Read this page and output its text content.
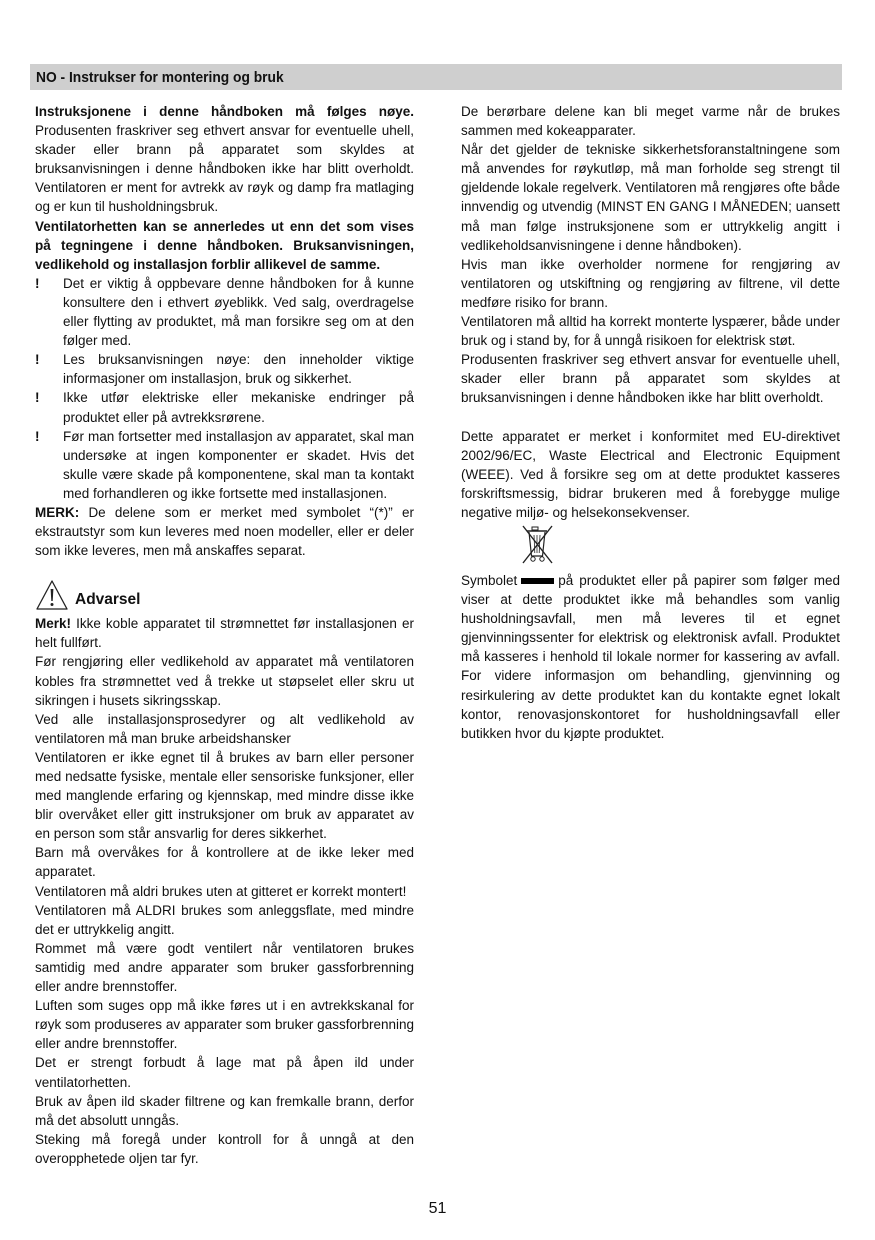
NO - Instrukser for montering og bruk

Instruksjonene i denne håndboken må følges nøye. Produsenten fraskriver seg ethvert ansvar for eventuelle uhell, skader eller brann på apparatet som skyldes at bruksanvisningen i denne håndboken ikke har blitt overholdt. Ventilatoren er ment for avtrekk av røyk og damp fra matlaging og er kun til husholdningsbruk.

Ventilatorhetten kan se annerledes ut enn det som vises på tegningene i denne håndboken. Bruksanvisningen, vedlikehold og installasjon forblir allikevel de samme.

! Det er viktig å oppbevare denne håndboken for å kunne konsultere den i ethvert øyeblikk. Ved salg, overdragelse eller flytting av produktet, må man forsikre seg om at den følger med.
! Les bruksanvisningen nøye: den inneholder viktige informasjoner om installasjon, bruk og sikkerhet.
! Ikke utfør elektriske eller mekaniske endringer på produktet eller på avtrekksrørene.
! Før man fortsetter med installasjon av apparatet, skal man undersøke at ingen komponenter er skadet. Hvis det skulle være skade på komponentene, skal man ta kontakt med forhandleren og ikke fortsette med installasjonen.

MERK: De delene som er merket med symbolet “(*)” er ekstrautstyr som kun leveres med noen modeller, eller er deler som ikke leveres, men må anskaffes separat.

Advarsel

Merk! Ikke koble apparatet til strømnettet før installasjonen er helt fullført.

Før rengjøring eller vedlikehold av apparatet må ventilatoren kobles fra strømnettet ved å trekke ut støpselet eller skru ut sikringen i husets sikringsskap.

Ved alle installasjonsprosedyrer og alt vedlikehold av ventilatoren må man bruke arbeidshansker

Ventilatoren er ikke egnet til å brukes av barn eller personer med nedsatte fysiske, mentale eller sensoriske funksjoner, eller med manglende erfaring og kjennskap, med mindre disse ikke blir overvåket eller gitt instruksjoner om bruk av apparatet av en person som står ansvarlig for deres sikkerhet.

Barn må overvåkes for å kontrollere at de ikke leker med apparatet.

Ventilatoren må aldri brukes uten at gitteret er korrekt montert!

Ventilatoren må ALDRI brukes som anleggsflate, med mindre det er uttrykkelig angitt.

Rommet må være godt ventilert når ventilatoren brukes samtidig med andre apparater som bruker gassforbrenning eller andre brennstoffer.

Luften som suges opp må ikke føres ut i en avtrekkskanal for røyk som produseres av apparater som bruker gassforbrenning eller andre brennstoffer.

Det er strengt forbudt å lage mat på åpen ild under ventilatorhetten.

Bruk av åpen ild skader filtrene og kan fremkalle brann, derfor må det absolutt unngås.

Steking må foregå under kontroll for å unngå at den overopphetede oljen tar fyr.

De berørbare delene kan bli meget varme når de brukes sammen med kokeapparater.

Når det gjelder de tekniske sikkerhetsforanstaltningene som må anvendes for røykutløp, må man forholde seg strengt til gjeldende lokale regelverk. Ventilatoren må rengjøres ofte både innvendig og utvendig (MINST EN GANG I MÅNEDEN; uansett må man følge instruksjonene som er uttrykkelig angitt i vedlikeholdsanvisningene i denne håndboken).

Hvis man ikke overholder normene for rengjøring av ventilatoren og utskiftning og rengjøring av filtrene, vil dette medføre risiko for brann.

Ventilatoren må alltid ha korrekt monterte lyspærer, både under bruk og i stand by, for å unngå risikoen for elektrisk støt.

Produsenten fraskriver seg ethvert ansvar for eventuelle uhell, skader eller brann på apparatet som skyldes at bruksanvisningen i denne håndboken ikke har blitt overholdt.

Dette apparatet er merket i konformitet med EU-direktivet 2002/96/EC, Waste Electrical and Electronic Equipment (WEEE). Ved å forsikre seg om at dette produktet kasseres forskriftsmessig, bidrar brukeren med å forebygge mulige negative miljø- og helsekonsekvenser.

Symbolet	på produktet eller på papirer som følger med viser at dette produktet ikke må behandles som vanlig husholdningsavfall, men må leveres til et egnet gjenvinningssenter for elektrisk og elektronisk avfall. Produktet må kasseres i henhold til lokale normer for kassering av avfall. For videre informasjon om behandling, gjenvinning og resirkulering av dette produktet kan du kontakte egnet lokalt kontor, renovasjonskontoret for husholdningsavfall eller butikken hvor du kjøpte produktet.

51
